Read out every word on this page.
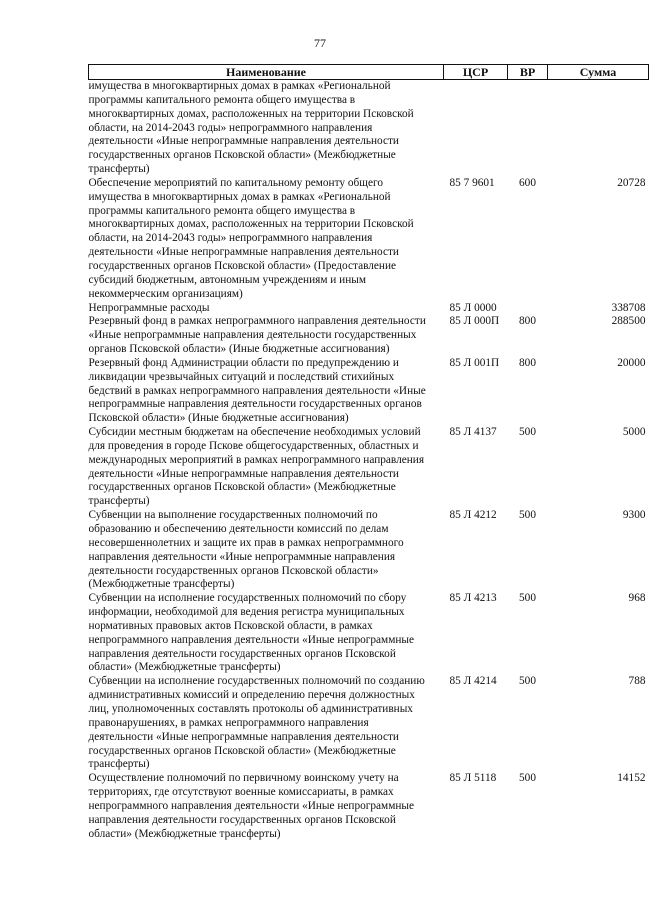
77
Наименование	ЦСР	ВР	Сумма
имущества в многоквартирных домах в рамках «Региональной программы капитального ремонта общего имущества в многоквартирных домах, расположенных на территории Псковской области, на 2014-2043 годы» непрограммного направления деятельности «Иные непрограммные направления деятельности государственных органов Псковской области» (Межбюджетные трансферты)			
Обеспечение мероприятий по капитальному ремонту общего имущества в многоквартирных домах в рамках «Региональной программы капитального ремонта общего имущества в многоквартирных домах, расположенных на территории Псковской области, на 2014-2043 годы» непрограммного направления деятельности «Иные непрограммные направления деятельности государственных органов Псковской области» (Предоставление субсидий бюджетным, автономным учреждениям и иным некоммерческим организациям)	85 7 9601	600	20728
Непрограммные расходы	85 Л 0000		338708
Резервный фонд в рамках непрограммного направления деятельности «Иные непрограммные направления деятельности государственных органов Псковской области» (Иные бюджетные ассигнования)	85 Л 000П	800	288500
Резервный фонд Администрации области по предупреждению и ликвидации чрезвычайных ситуаций и последствий стихийных бедствий в рамках непрограммного направления деятельности «Иные непрограммные направления деятельности государственных органов Псковской области» (Иные бюджетные ассигнования)	85 Л 001П	800	20000
Субсидии местным бюджетам на обеспечение необходимых условий для проведения в городе Пскове общегосударственных, областных и международных мероприятий в рамках непрограммного направления деятельности «Иные непрограммные направления деятельности государственных органов Псковской области» (Межбюджетные трансферты)	85 Л 4137	500	5000
Субвенции на выполнение государственных полномочий по образованию и обеспечению деятельности комиссий по делам несовершеннолетних и защите их прав в рамках непрограммного направления деятельности «Иные непрограммные направления деятельности государственных органов Псковской области» (Межбюджетные трансферты)	85 Л 4212	500	9300
Субвенции на исполнение государственных полномочий по сбору информации, необходимой для ведения регистра муниципальных нормативных правовых актов Псковской области, в рамках непрограммного направления деятельности «Иные непрограммные направления деятельности государственных органов Псковской области» (Межбюджетные трансферты)	85 Л 4213	500	968
Субвенции на исполнение государственных полномочий по созданию административных комиссий и определению перечня должностных лиц, уполномоченных составлять протоколы об административных правонарушениях, в рамках непрограммного направления деятельности «Иные непрограммные направления деятельности государственных органов Псковской области» (Межбюджетные трансферты)	85 Л 4214	500	788
Осуществление полномочий по первичному воинскому учету на территориях, где отсутствуют военные комиссариаты, в рамках непрограммного направления деятельности «Иные непрограммные направления деятельности государственных органов Псковской области» (Межбюджетные трансферты)	85 Л 5118	500	14152
